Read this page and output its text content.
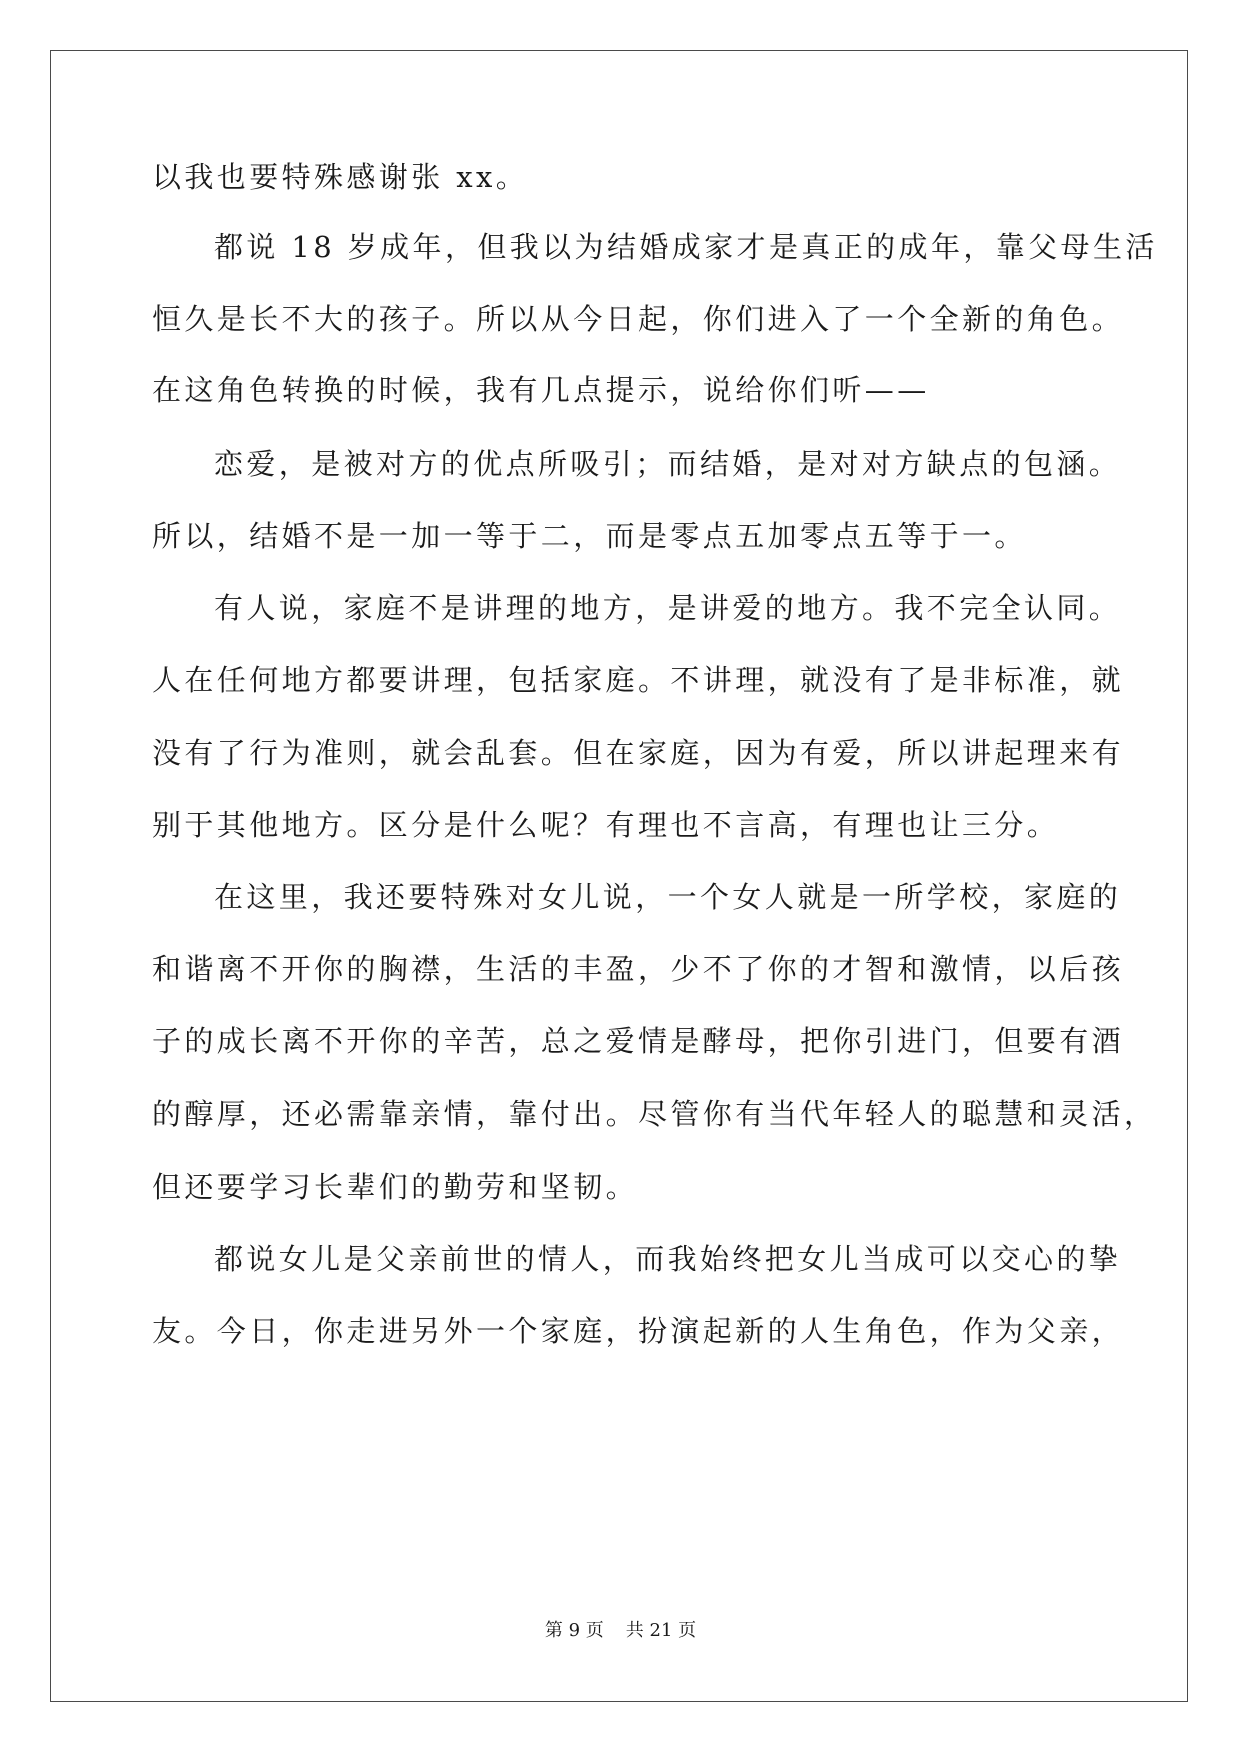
以我也要特殊感谢张 xx。
都说 18 岁成年，但我以为结婚成家才是真正的成年，靠父母生活
恒久是长不大的孩子。所以从今日起，你们进入了一个全新的角色。
在这角色转换的时候，我有几点提示，说给你们听——
恋爱，是被对方的优点所吸引；而结婚，是对对方缺点的包涵。
所以，结婚不是一加一等于二，而是零点五加零点五等于一。
有人说，家庭不是讲理的地方，是讲爱的地方。我不完全认同。
人在任何地方都要讲理，包括家庭。不讲理，就没有了是非标准，就
没有了行为准则，就会乱套。但在家庭，因为有爱，所以讲起理来有
别于其他地方。区分是什么呢？有理也不言高，有理也让三分。
在这里，我还要特殊对女儿说，一个女人就是一所学校，家庭的
和谐离不开你的胸襟，生活的丰盈，少不了你的才智和激情，以后孩
子的成长离不开你的辛苦，总之爱情是酵母，把你引进门，但要有酒
的醇厚，还必需靠亲情，靠付出。尽管你有当代年轻人的聪慧和灵活，
但还要学习长辈们的勤劳和坚韧。
都说女儿是父亲前世的情人，而我始终把女儿当成可以交心的挚
友。今日，你走进另外一个家庭，扮演起新的人生角色，作为父亲，
第 9 页 共 21 页
